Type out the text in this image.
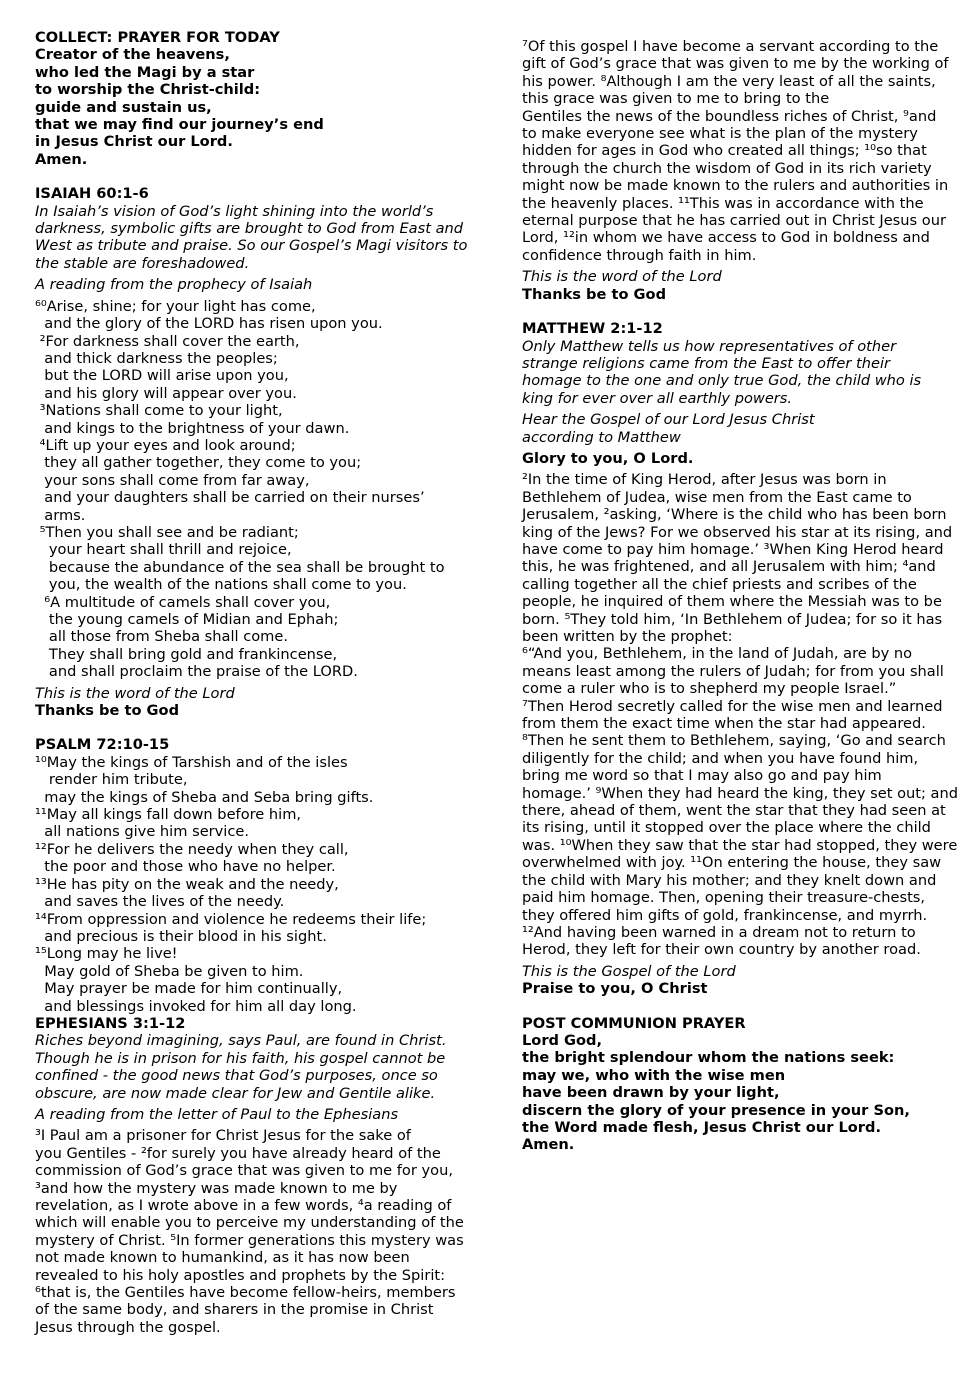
COLLECT: PRAYER FOR TODAY
Creator of the heavens,
who led the Magi by a star
to worship the Christ-child:
guide and sustain us,
that we may find our journey’s end
in Jesus Christ our Lord.
Amen.
ISAIAH 60:1-6

In Isaiah’s vision of God’s light shining into the world’s darkness, symbolic gifts are brought to God from East and West as tribute and praise. So our Gospel’s Magi visitors to the stable are foreshadowed.

A reading from the prophecy of Isaiah
⁶⁰Arise, shine; for your light has come,
and the glory of the LORD has risen upon you.
²For darkness shall cover the earth,
and thick darkness the peoples;
but the LORD will arise upon you,
and his glory will appear over you.
³Nations shall come to your light,
and kings to the brightness of your dawn.
⁴Lift up your eyes and look around;
they all gather together, they come to you;
your sons shall come from far away,
and your daughters shall be carried on their nurses’
arms.
⁵Then you shall see and be radiant;
your heart shall thrill and rejoice,
because the abundance of the sea shall be brought to
you, the wealth of the nations shall come to you.
⁶A multitude of camels shall cover you,
the young camels of Midian and Ephah;
all those from Sheba shall come.
They shall bring gold and frankincense,
and shall proclaim the praise of the LORD.
This is the word of the Lord
Thanks be to God
PSALM 72:10-15
¹⁰May the kings of Tarshish and of the isles
render him tribute,
may the kings of Sheba and Seba bring gifts.
¹¹May all kings fall down before him,
all nations give him service.
¹²For he delivers the needy when they call,
the poor and those who have no helper.
¹³He has pity on the weak and the needy,
and saves the lives of the needy.
¹⁴From oppression and violence he redeems their life;
and precious is their blood in his sight.
¹⁵Long may he live!
May gold of Sheba be given to him.
May prayer be made for him continually,
and blessings invoked for him all day long.
EPHESIANS 3:1-12

Riches beyond imagining, says Paul, are found in Christ. Though he is in prison for his faith, his gospel cannot be confined - the good news that God’s purposes, once so obscure, are now made clear for Jew and Gentile alike.

A reading from the letter of Paul to the Ephesians
³I Paul am a prisoner for Christ Jesus for the sake of
you Gentiles - ²for surely you have already heard of the
commission of God’s grace that was given to me for you,
³and how the mystery was made known to me by
revelation, as I wrote above in a few words, ⁴a reading of
which will enable you to perceive my understanding of the
mystery of Christ. ⁵In former generations this mystery was
not made known to humankind, as it has now been
revealed to his holy apostles and prophets by the Spirit:
⁶that is, the Gentiles have become fellow-heirs, members
of the same body, and sharers in the promise in Christ
Jesus through the gospel.
⁷Of this gospel I have become a servant according to the
gift of God’s grace that was given to me by the working of
his power. ⁸Although I am the very least of all the saints,
this grace was given to me to bring to the
Gentiles the news of the boundless riches of Christ, ⁹and
to make everyone see what is the plan of the mystery
hidden for ages in God who created all things; ¹⁰so that
through the church the wisdom of God in its rich variety
might now be made known to the rulers and authorities in
the heavenly places. ¹¹This was in accordance with the
eternal purpose that he has carried out in Christ Jesus our
Lord, ¹²in whom we have access to God in boldness and
confidence through faith in him.
This is the word of the Lord
Thanks be to God
MATTHEW 2:1-12
Only Matthew tells us how representatives of other
strange religions came from the East to offer their
homage to the one and only true God, the child who is
king for ever over all earthly powers.
Hear the Gospel of our Lord Jesus Christ
according to Matthew
Glory to you, O Lord.
²In the time of King Herod, after Jesus was born in
Bethlehem of Judea, wise men from the East came to
Jerusalem, ²asking, ‘Where is the child who has been born
king of the Jews? For we observed his star at its rising, and
have come to pay him homage.’ ³When King Herod heard
this, he was frightened, and all Jerusalem with him; ⁴and
calling together all the chief priests and scribes of the
people, he inquired of them where the Messiah was to be
born. ⁵They told him, ‘In Bethlehem of Judea; for so it has
been written by the prophet:
⁶“And you, Bethlehem, in the land of Judah, are by no
means least among the rulers of Judah; for from you shall
come a ruler who is to shepherd my people Israel.”
⁷Then Herod secretly called for the wise men and learned
from them the exact time when the star had appeared.
⁸Then he sent them to Bethlehem, saying, ‘Go and search
diligently for the child; and when you have found him,
bring me word so that I may also go and pay him
homage.’ ⁹When they had heard the king, they set out; and
there, ahead of them, went the star that they had seen at
its rising, until it stopped over the place where the child
was. ¹⁰When they saw that the star had stopped, they were
overwhelmed with joy. ¹¹On entering the house, they saw
the child with Mary his mother; and they knelt down and
paid him homage. Then, opening their treasure-chests,
they offered him gifts of gold, frankincense, and myrrh.
¹²And having been warned in a dream not to return to
Herod, they left for their own country by another road.
This is the Gospel of the Lord
Praise to you, O Christ
POST COMMUNION PRAYER
Lord God,
the bright splendour whom the nations seek:
may we, who with the wise men
have been drawn by your light,
discern the glory of your presence in your Son,
the Word made flesh, Jesus Christ our Lord.
Amen.
